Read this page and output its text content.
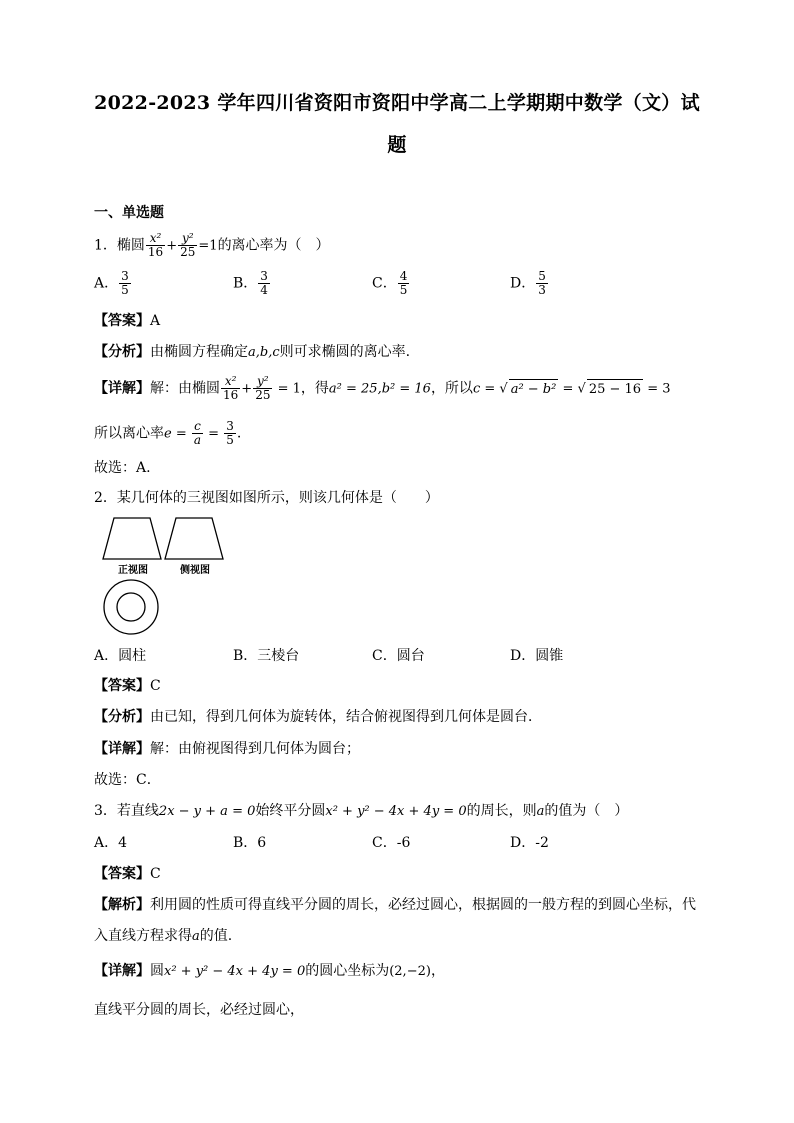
2022-2023 学年四川省资阳市资阳中学高二上学期期中数学（文）试
题
一、单选题
1．椭圆 $\frac{\text{x²}}{16} + \frac{\text{y²}}{25} =1$的离心率为（　）
A． $\frac{3}{5}$	B． $\frac{3}{4}$	C． $\frac{4}{5}$	D． $\frac{5}{3}$
【答案】A
【分析】由椭圆方程确定a,b,c则可求椭圆的离心率.
【详解】解：由椭圆 $\frac{\text{x²}}{16} + \frac{\text{y²}}{25} = 1$，得a² = 25,b² = 16，所以c = √ a² − b² = √ 25 − 16 = 3
所以离心率$e = \frac{c}{a} = \frac{3}{5}$ .
故选：A.
2．某几何体的三视图如图所示，则该几何体是（　　）
正视图	侧视图
A．圆柱	B．三棱台	C．圆台	D．圆锥
【答案】C
【分析】由已知，得到几何体为旋转体，结合俯视图得到几何体是圆台．
【详解】解：由俯视图得到几何体为圆台；
故选：C．
3．若直线2x − y + a = 0始终平分圆x² + y² − 4x + 4y = 0的周长，则a的值为（　）
A．4	B．6	C．-6	D．-2
【答案】C
【解析】利用圆的性质可得直线平分圆的周长，必经过圆心，根据圆的一般方程的到圆心坐标，代
入直线方程求得a的值.
【详解】圆x² + y² − 4x + 4y = 0的圆心坐标为(2,−2)，
直线平分圆的周长，必经过圆心，
